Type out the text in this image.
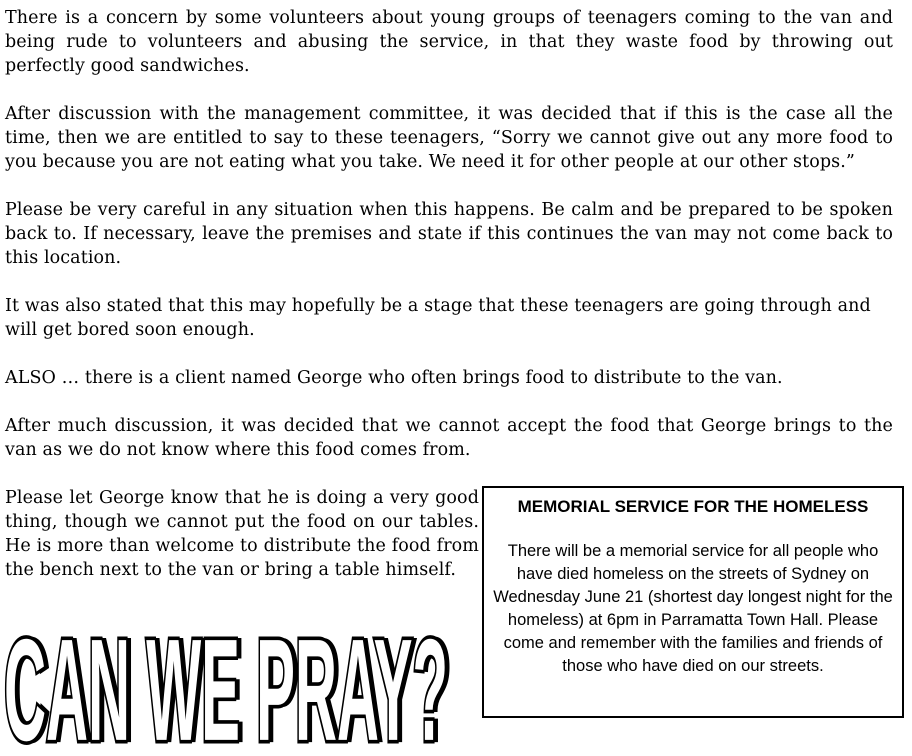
There is a concern by some volunteers about young groups of teenagers coming to the van and being rude to volunteers and abusing the service, in that they waste food by throwing out perfectly good sandwiches.

After discussion with the management committee, it was decided that if this is the case all the time, then we are entitled to say to these teenagers, “Sorry we cannot give out any more food to you because you are not eating what you take. We need it for other people at our other stops.”

Please be very careful in any situation when this happens. Be calm and be prepared to be spoken back to. If necessary, leave the premises and state if this continues the van may not come back to this location.

It was also stated that this may hopefully be a stage that these teenagers are going through and will get bored soon enough.

ALSO … there is a client named George who often brings food to distribute to the van.

After much discussion, it was decided that we cannot accept the food that George brings to the van as we do not know where this food comes from.

Please let George know that he is doing a very good thing, though we cannot put the food on our tables. He is more than welcome to distribute the food from the bench next to the van or bring a table himself.

MEMORIAL SERVICE FOR THE HOMELESS

There will be a memorial service for all people who have died homeless on the streets of Sydney on Wednesday June 21 (shortest day longest night for the homeless) at 6pm in Parramatta Town Hall. Please come and remember with the families and friends of those who have died on our streets.

CAN WE PRAY?
CAN WE PRAY?
